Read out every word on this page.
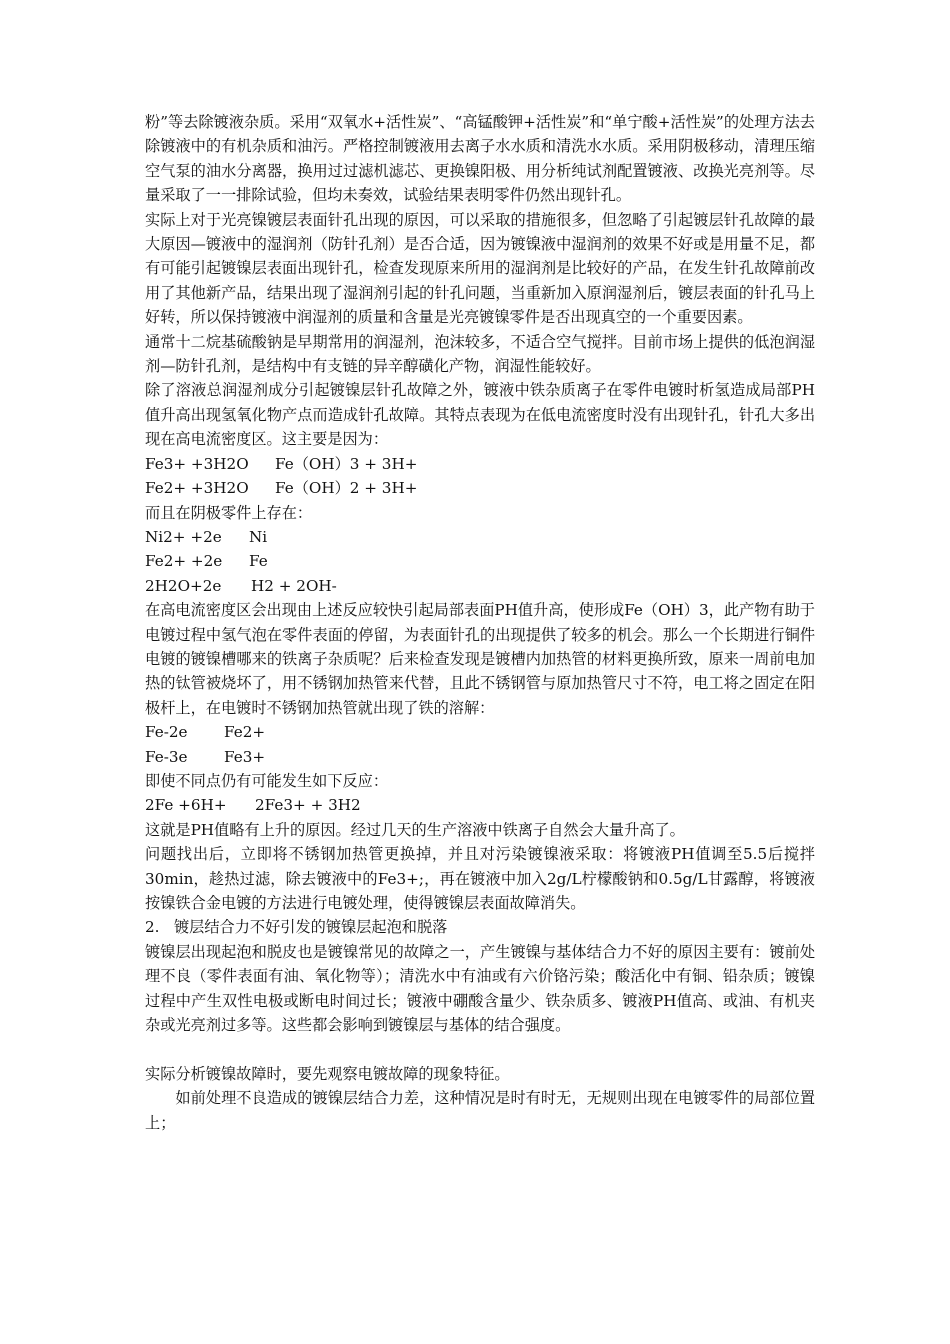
粉”等去除镀液杂质。采用“双氧水+活性炭”、“高锰酸钾+活性炭”和“单宁酸+活性炭”的处理方法去除镀液中的有机杂质和油污。严格控制镀液用去离子水水质和清洗水水质。采用阴极移动，清理压缩空气泵的油水分离器，换用过过滤机滤芯、更换镍阳极、用分析纯试剂配置镀液、改换光亮剂等。尽量采取了一一排除试验，但均未奏效，试验结果表明零件仍然出现针孔。

实际上对于光亮镍镀层表面针孔出现的原因，可以采取的措施很多，但忽略了引起镀层针孔故障的最大原因—镀液中的湿润剂（防针孔剂）是否合适，因为镀镍液中湿润剂的效果不好或是用量不足，都有可能引起镀镍层表面出现针孔，检查发现原来所用的湿润剂是比较好的产品，在发生针孔故障前改用了其他新产品，结果出现了湿润剂引起的针孔问题，当重新加入原润湿剂后，镀层表面的针孔马上好转，所以保持镀液中润湿剂的质量和含量是光亮镀镍零件是否出现真空的一个重要因素。

通常十二烷基硫酸钠是早期常用的润湿剂，泡沫较多，不适合空气搅拌。目前市场上提供的低泡润湿剂—防针孔剂，是结构中有支链的异辛醇磺化产物，润湿性能较好。

除了溶液总润湿剂成分引起镀镍层针孔故障之外，镀液中铁杂质离子在零件电镀时析氢造成局部PH值升高出现氢氧化物产点而造成针孔故障。其特点表现为在低电流密度时没有出现针孔，针孔大多出现在高电流密度区。这主要是因为：

Fe3+ +3H2O Fe（OH）3 + 3H+

Fe2+ +3H2O Fe（OH）2 + 3H+

而且在阴极零件上存在：

Ni2+ +2e Ni

Fe2+ +2e Fe

2H2O+2e H2 + 2OH-

在高电流密度区会出现由上述反应较快引起局部表面PH值升高，使形成Fe（OH）3，此产物有助于电镀过程中氢气泡在零件表面的停留，为表面针孔的出现提供了较多的机会。那么一个长期进行铜件电镀的镀镍槽哪来的铁离子杂质呢？后来检查发现是镀槽内加热管的材料更换所致，原来一周前电加热的钛管被烧坏了，用不锈钢加热管来代替，且此不锈钢管与原加热管尺寸不符，电工将之固定在阳极杆上，在电镀时不锈钢加热管就出现了铁的溶解：

Fe-2e Fe2+

Fe-3e Fe3+

即使不同点仍有可能发生如下反应：

2Fe +6H+ 2Fe3+ + 3H2

这就是PH值略有上升的原因。经过几天的生产溶液中铁离子自然会大量升高了。

问题找出后，立即将不锈钢加热管更换掉，并且对污染镀镍液采取：将镀液PH值调至5.5后搅拌30min，趁热过滤，除去镀液中的Fe3+;，再在镀液中加入2g/L柠檬酸钠和0.5g/L甘露醇，将镀液按镍铁合金电镀的方法进行电镀处理，使得镀镍层表面故障消失。

2.   镀层结合力不好引发的镀镍层起泡和脱落

镀镍层出现起泡和脱皮也是镀镍常见的故障之一，产生镀镍与基体结合力不好的原因主要有：镀前处理不良（零件表面有油、氧化物等）；清洗水中有油或有六价铬污染；酸活化中有铜、铅杂质；镀镍过程中产生双性电极或断电时间过长；镀液中硼酸含量少、铁杂质多、镀液PH值高、或油、有机夹杂或光亮剂过多等。这些都会影响到镀镍层与基体的结合强度。

实际分析镀镍故障时，要先观察电镀故障的现象特征。

如前处理不良造成的镀镍层结合力差，这种情况是时有时无，无规则出现在电镀零件的局部位置上；
